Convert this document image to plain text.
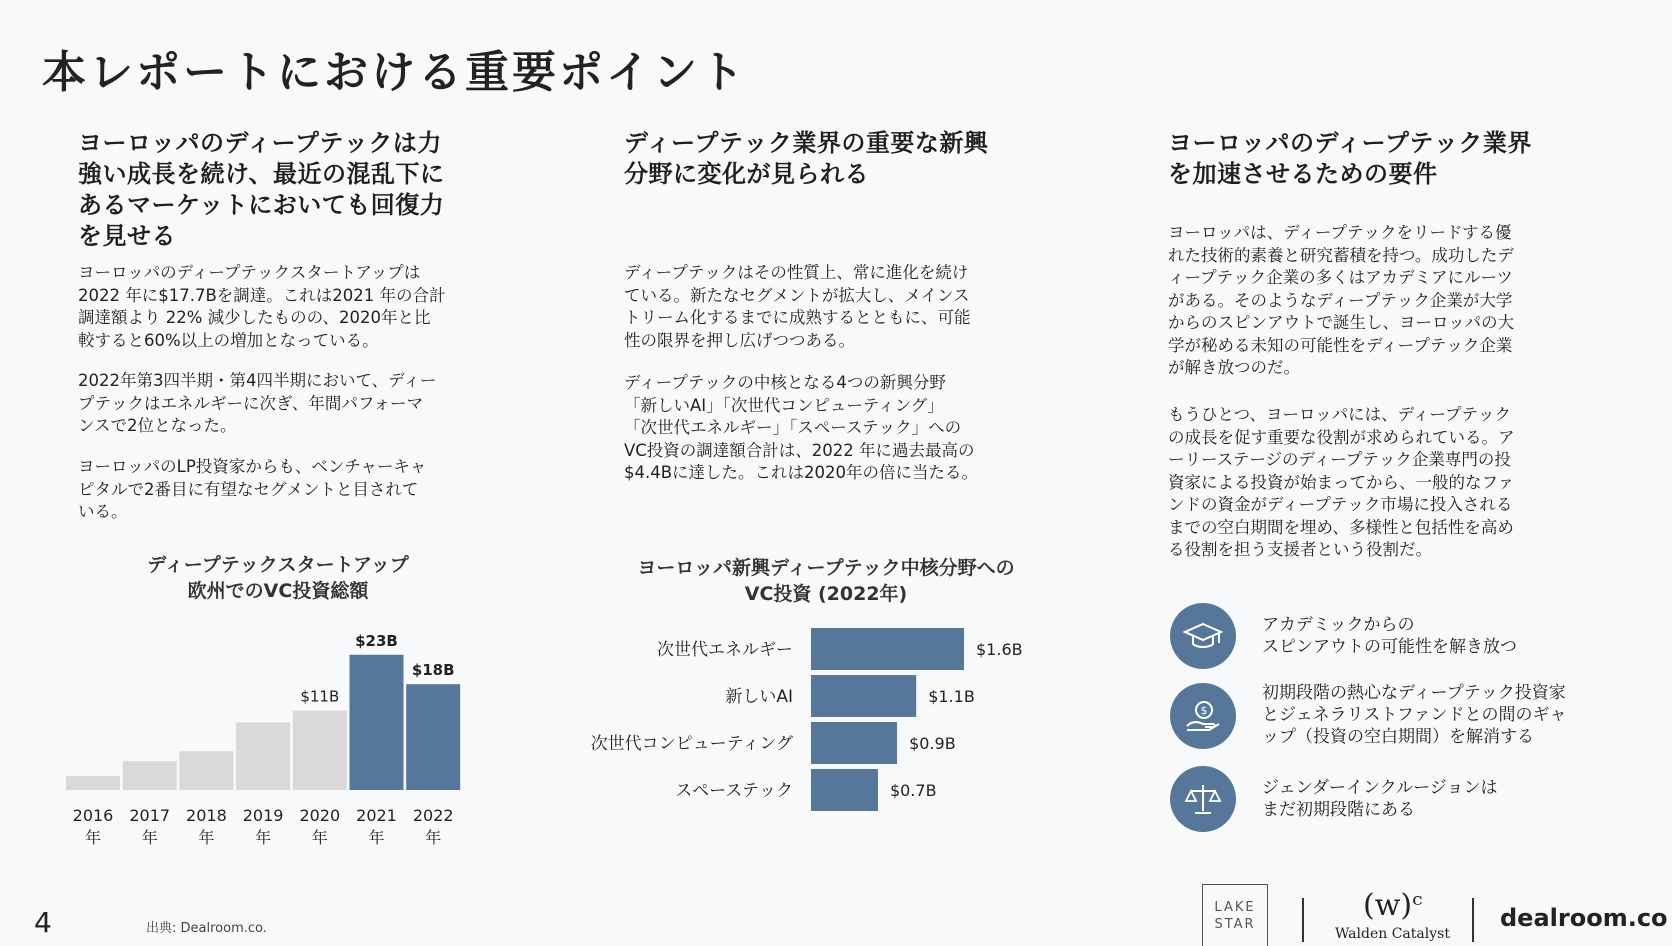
本レポートにおける重要ポイント
ヨーロッパのディープテックは力
強い成長を続け、最近の混乱下に
あるマーケットにおいても回復力
を見せる
ヨーロッパのディープテックスタートアップは
2022 年に$17.7Bを調達。これは2021 年の合計
調達額より 22% 減少したものの、2020年と比
較すると60%以上の増加となっている。
2022年第3四半期・第4四半期において、ディー
プテックはエネルギーに次ぎ、年間パフォーマ
ンスで2位となった。
ヨーロッパのLP投資家からも、ベンチャーキャ
ピタルで2番目に有望なセグメントと目されて
いる。
ディープテックスタートアップ
欧州でのVC投資総額
2016
年
2017
年
2018
年
2019
年
$11B
2020
年
$23B
2021
年
$18B
2022
年
ディープテック業界の重要な新興
分野に変化が見られる
ディープテックはその性質上、常に進化を続け
ている。新たなセグメントが拡大し、メインス
トリーム化するまでに成熟するとともに、可能
性の限界を押し広げつつある。
ディープテックの中核となる4つの新興分野
「新しいAI」「次世代コンピューティング」
「次世代エネルギー」「スペーステック」への
VC投資の調達額合計は、2022 年に過去最高の
$4.4Bに達した。これは2020年の倍に当たる。
ヨーロッパ新興ディープテック中核分野への
VC投資 (2022年)
次世代エネルギー	$1.6B
新しいAI	$1.1B
次世代コンピューティング	$0.9B
スペーステック	$0.7B
ヨーロッパのディープテック業界
を加速させるための要件
ヨーロッパは、ディープテックをリードする優
れた技術的素養と研究蓄積を持つ。成功したデ
ィープテック企業の多くはアカデミアにルーツ
がある。そのようなディープテック企業が大学
からのスピンアウトで誕生し、ヨーロッパの大
学が秘める未知の可能性をディープテック企業
が解き放つのだ。
もうひとつ、ヨーロッパには、ディープテック
の成長を促す重要な役割が求められている。ア
ーリーステージのディープテック企業専門の投
資家による投資が始まってから、一般的なファ
ンドの資金がディープテック市場に投入される
までの空白期間を埋め、多様性と包括性を高め
る役割を担う支援者という役割だ。
アカデミックからの
スピンアウトの可能性を解き放つ
$
初期段階の熱心なディープテック投資家
とジェネラリストファンドとの間のギャ
ップ（投資の空白期間）を解消する
ジェンダーインクルージョンは
まだ初期段階にある
4	出典: Dealroom.co.
LAKE
STAR
(w)ᶜ
Walden Catalyst
dealroom.co
